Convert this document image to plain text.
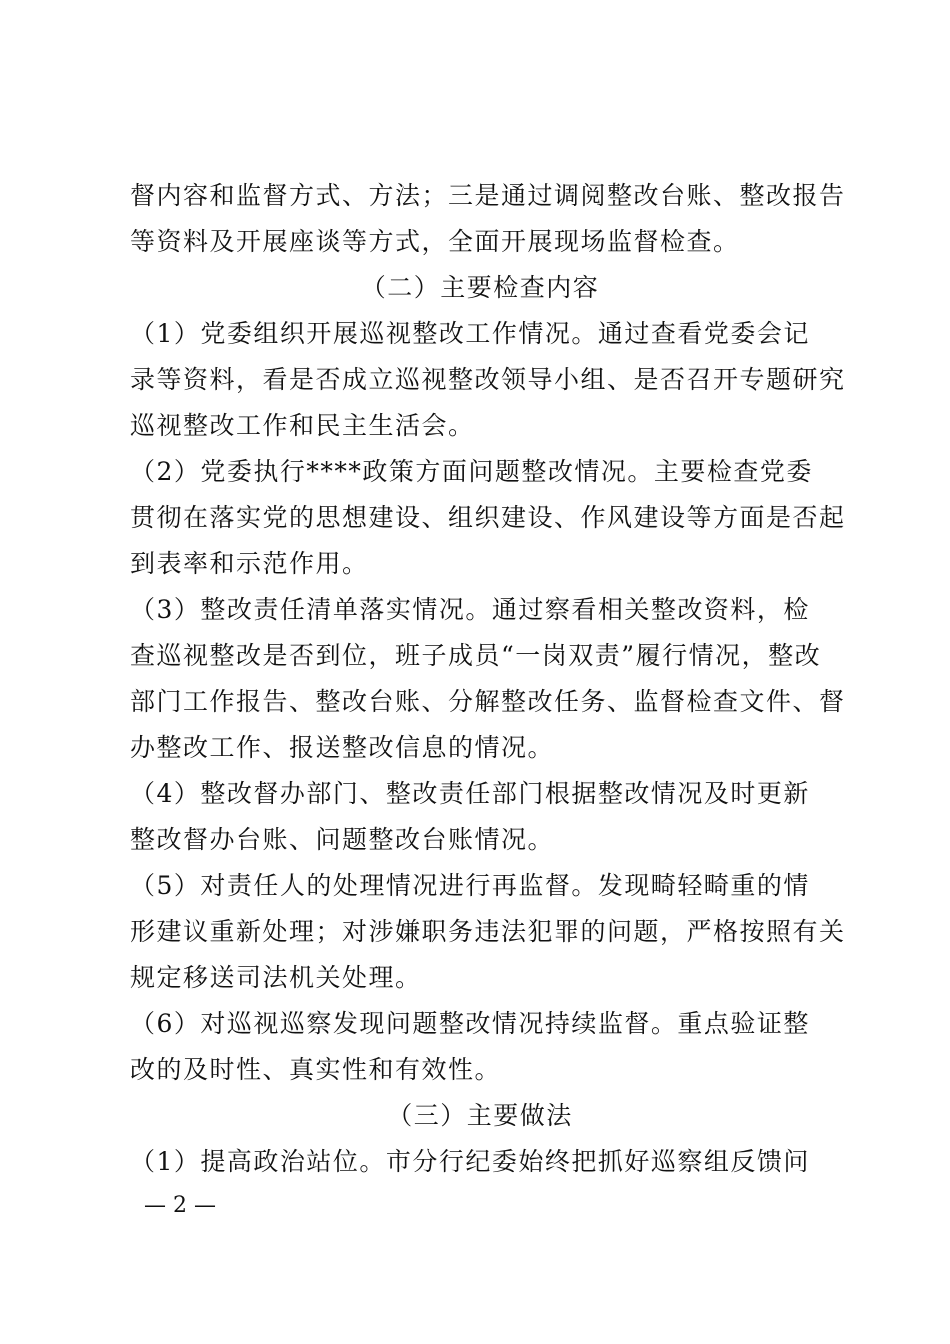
督内容和监督方式、方法；三是通过调阅整改台账、整改报告
等资料及开展座谈等方式，全面开展现场监督检查。
（二）主要检查内容
（1）党委组织开展巡视整改工作情况。通过查看党委会记
录等资料，看是否成立巡视整改领导小组、是否召开专题研究
巡视整改工作和民主生活会。
（2）党委执行****政策方面问题整改情况。主要检查党委
贯彻在落实党的思想建设、组织建设、作风建设等方面是否起
到表率和示范作用。
（3）整改责任清单落实情况。通过察看相关整改资料，检
查巡视整改是否到位，班子成员“一岗双责”履行情况，整改
部门工作报告、整改台账、分解整改任务、监督检查文件、督
办整改工作、报送整改信息的情况。
（4）整改督办部门、整改责任部门根据整改情况及时更新
整改督办台账、问题整改台账情况。
（5）对责任人的处理情况进行再监督。发现畸轻畸重的情
形建议重新处理；对涉嫌职务违法犯罪的问题，严格按照有关
规定移送司法机关处理。
（6）对巡视巡察发现问题整改情况持续监督。重点验证整
改的及时性、真实性和有效性。
（三）主要做法
（1）提高政治站位。市分行纪委始终把抓好巡察组反馈问
— 2 —
